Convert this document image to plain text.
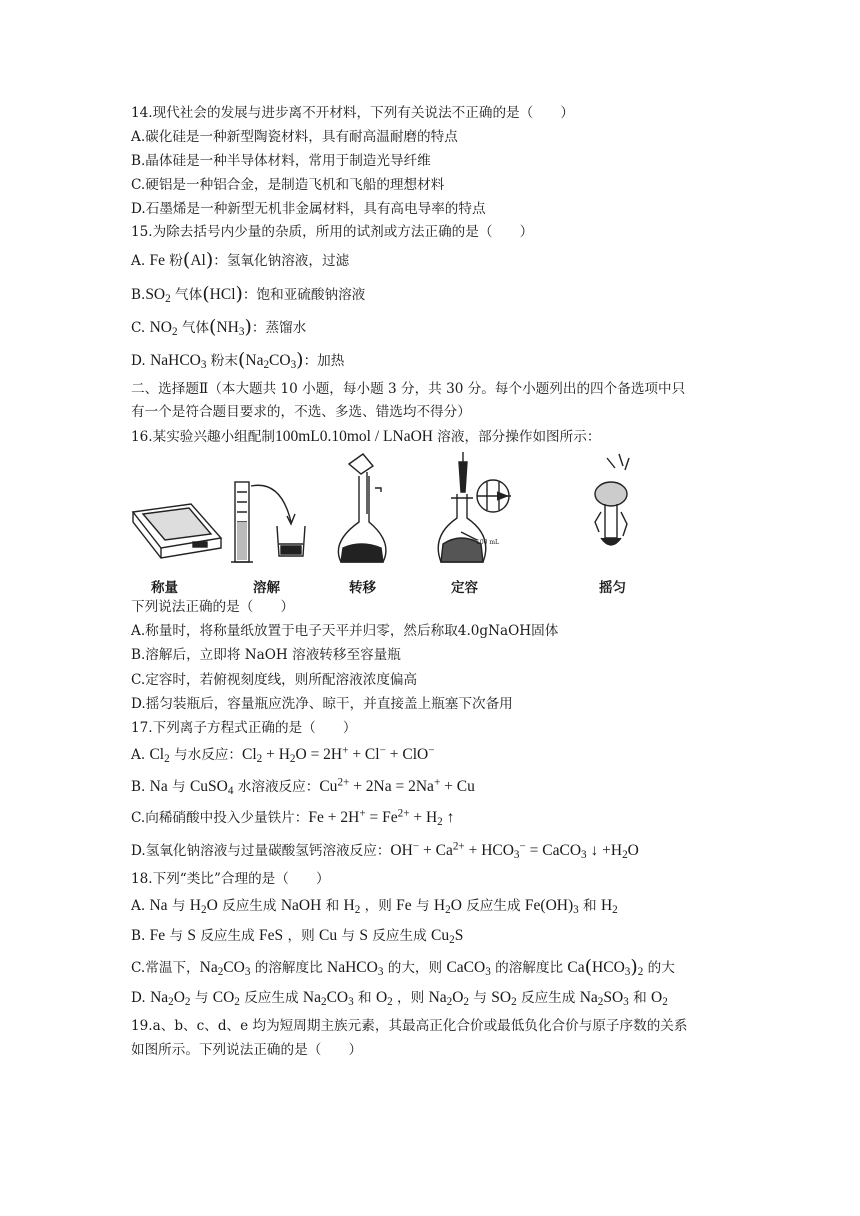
14.现代社会的发展与进步离不开材料，下列有关说法不正确的是（　　）
A.碳化硅是一种新型陶瓷材料，具有耐高温耐磨的特点
B.晶体硅是一种半导体材料，常用于制造光导纤维
C.硬铝是一种铝合金，是制造飞机和飞船的理想材料
D.石墨烯是一种新型无机非金属材料，具有高电导率的特点
15.为除去括号内少量的杂质，所用的试剂或方法正确的是（　　）
A. Fe 粉(Al)：氢氧化钠溶液，过滤
$B.SO_2$ 气体(HCl)：饱和亚硫酸钠溶液
C. $NO_2$ 气体$(NH_3)$：蒸馏水
D. NaHCO$_3$ 粉末$(Na_2CO_3)$：加热
二、选择题Ⅱ（本大题共 10 小题，每小题 3 分，共 30 分。每个小题列出的四个备选项中只
有一个是符合题目要求的，不选、多选、错选均不得分）
16.某实验兴趣小组配制100mL0.10mol / LNaOH 溶液，部分操作如图所示：
100 mL
称量	溶解	转移	定容	摇匀
下列说法正确的是（　　）
A.称量时，将称量纸放置于电子天平并归零，然后称取4.0gNaOH固体
B.溶解后，立即将 NaOH 溶液转移至容量瓶
C.定容时，若俯视刻度线，则所配溶液浓度偏高
D.摇匀装瓶后，容量瓶应洗净、晾干，并直接盖上瓶塞下次备用
17.下列离子方程式正确的是（　　）
A. $Cl_2$ 与水反应：$Cl_2 + H_2O = 2H^+ + Cl^- + ClO^-$
B. Na 与 CuSO$_4$ 水溶液反应：$Cu^{2+} + 2Na = 2Na^+ + Cu$
C.向稀硝酸中投入少量铁片：$Fe + 2H^+ = Fe^{2+} + H_2$ ↑
D.氢氧化钠溶液与过量碳酸氢钙溶液反应：$OH^- + Ca^{2+} + HCO_3^-$ = CaCO$_3$ ↓ $+H_2O$
18.下列“类比”合理的是（　　）
A. Na 与 $H_2O$ 反应生成 NaOH 和 $H_2$ ，则 Fe 与 $H_2O$ 反应生成 $Fe(OH)_3$ 和 $H_2$
B. Fe 与 S 反应生成 FeS ，则 Cu 与 S 反应生成 $Cu_2S$
C.常温下，$Na_2CO_3$ 的溶解度比 NaHCO$_3$ 的大，则 CaCO$_3$ 的溶解度比 $Ca(HCO_3)_2$ 的大
D. $Na_2O_2$ 与 $CO_2$ 反应生成 $Na_2CO_3$ 和 $O_2$ ，则 $Na_2O_2$ 与 $SO_2$ 反应生成 $Na_2SO_3$ 和 $O_2$
19.a、b、c、d、e 均为短周期主族元素，其最高正化合价或最低负化合价与原子序数的关系
如图所示。下列说法正确的是（　　）
